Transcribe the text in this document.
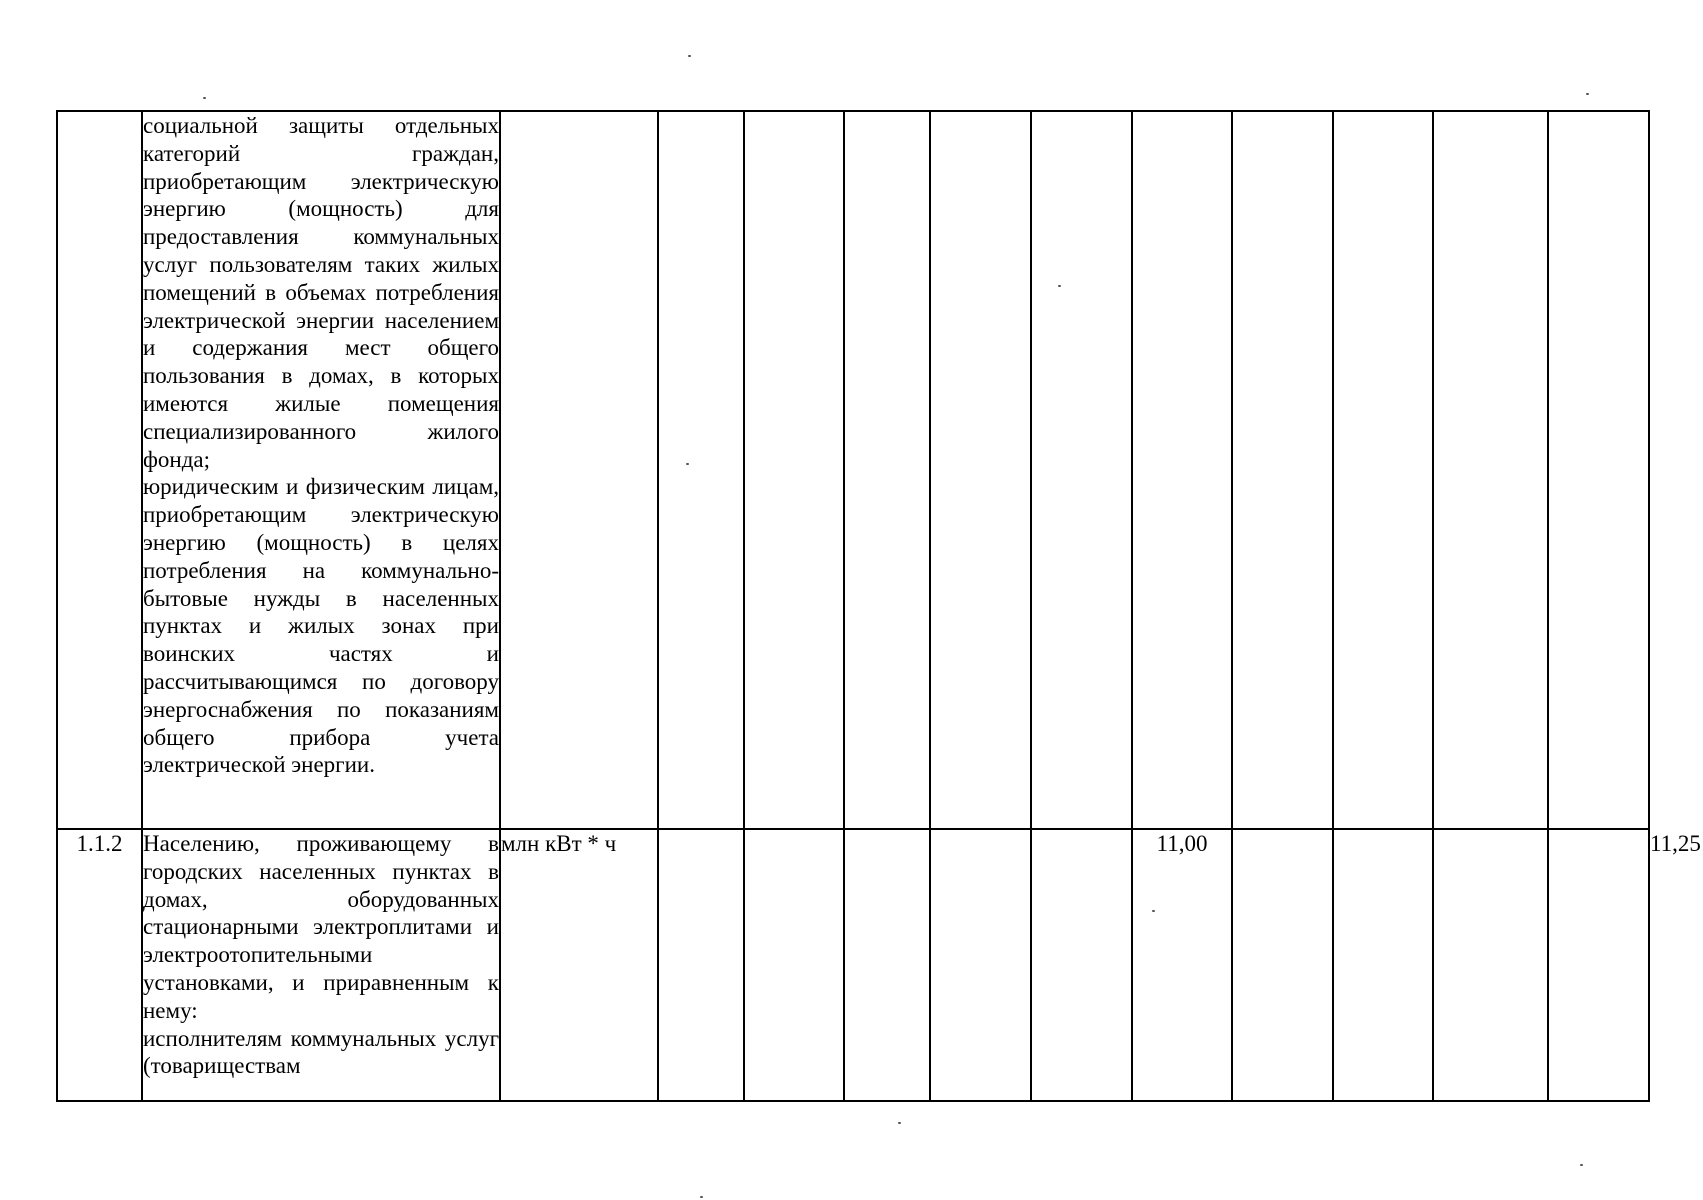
	социальной защиты отдельных категорий граждан, приобретающим электрическую энергию (мощность) для предоставления коммунальных услуг пользователям таких жилых помещений в объемах потребления электрической энергии населением и содержания мест общего пользования в домах, в которых имеются жилые помещения специализированного жилого фонда;
юридическим и физическим лицам, приобретающим электрическую энергию (мощность) в целях потребления на коммунально-бытовые нужды в населенных пунктах и жилых зонах при воинских частях и рассчитывающимся по договору энергоснабжения по показаниям общего прибора учета электрической энергии.												

1.1.2	Населению, проживающему в городских населенных пунктах в домах, оборудованных стационарными электроплитами и электроотопительными установками, и приравненным к нему:
исполнителям коммунальных услуг (товариществам	млн кВт * ч						11,00					11,25
